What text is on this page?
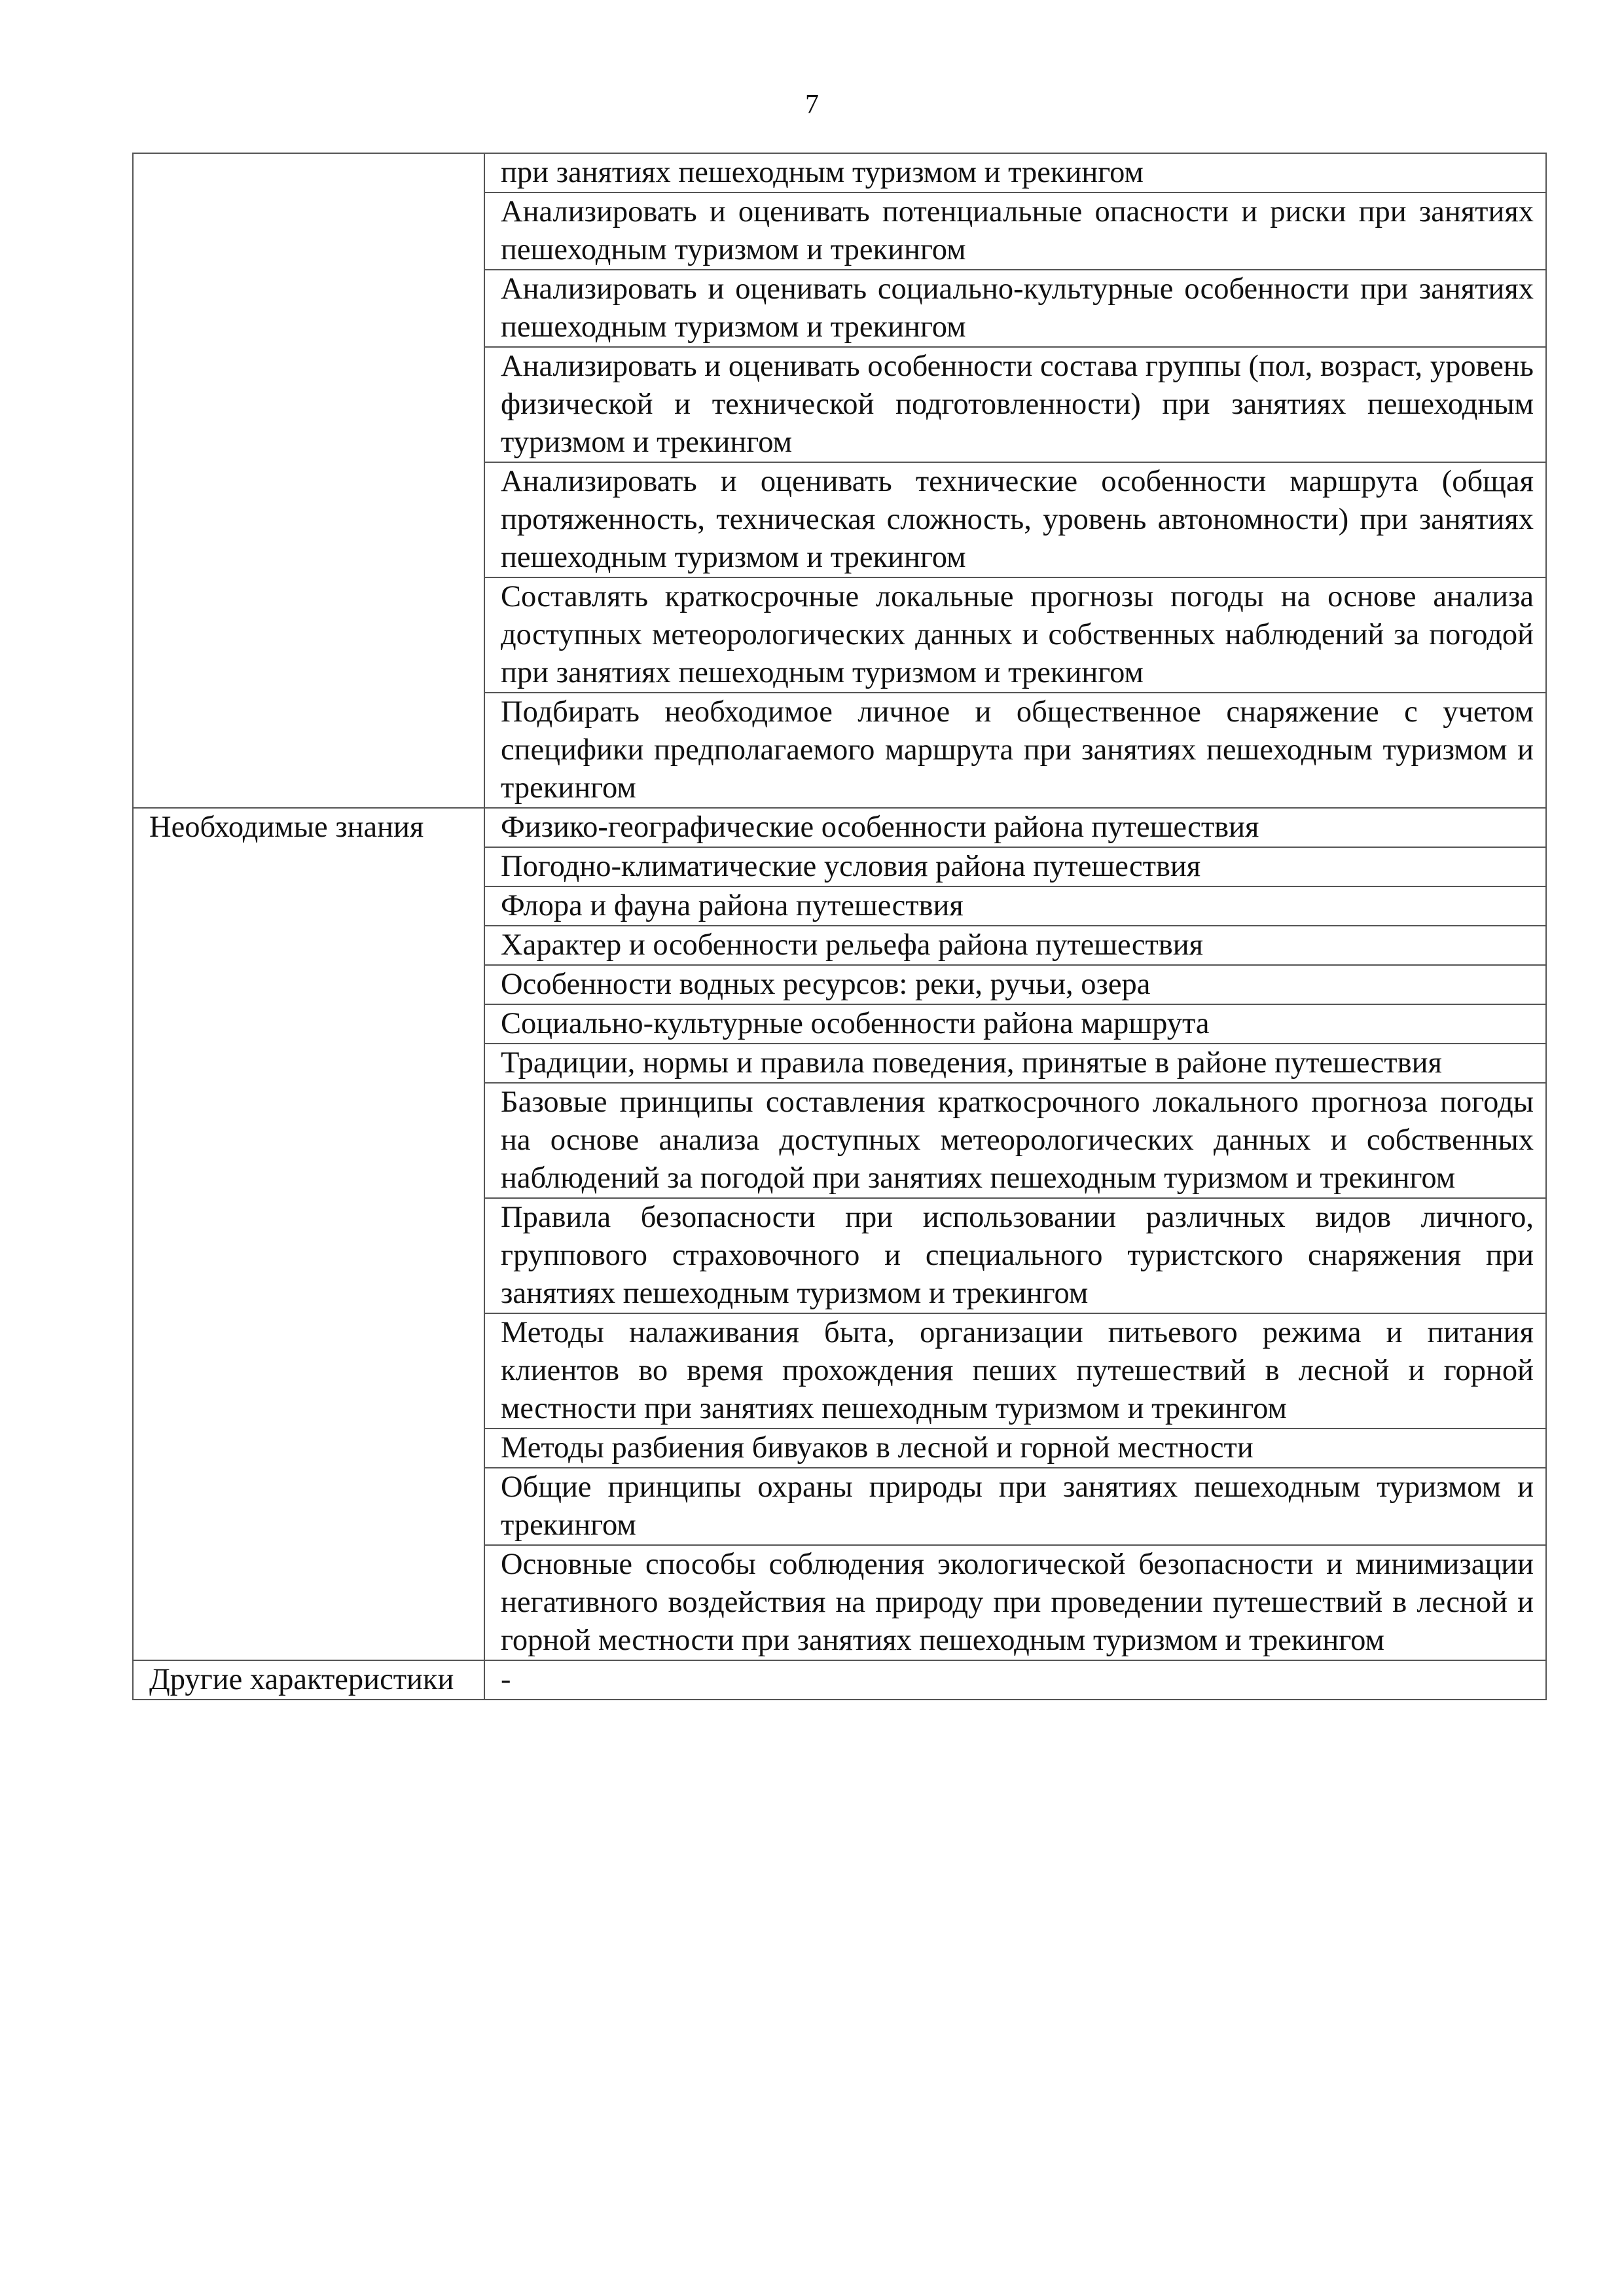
7
	при занятиях пешеходным туризмом и трекингом
	Анализировать и оценивать потенциальные опасности и риски при занятиях пешеходным туризмом и трекингом
	Анализировать и оценивать социально-культурные особенности при занятиях пешеходным туризмом и трекингом
	Анализировать и оценивать особенности состава группы (пол, возраст, уровень физической и технической подготовленности) при занятиях пешеходным туризмом и трекингом
	Анализировать и оценивать технические особенности маршрута (общая протяженность, техническая сложность, уровень автономности) при занятиях пешеходным туризмом и трекингом
	Составлять краткосрочные локальные прогнозы погоды на основе анализа доступных метеорологических данных и собственных наблюдений за погодой при занятиях пешеходным туризмом и трекингом
	Подбирать необходимое личное и общественное снаряжение с учетом специфики предполагаемого маршрута при занятиях пешеходным туризмом и трекингом
Необходимые знания	Физико-географические особенности района путешествия
	Погодно-климатические условия района путешествия
	Флора и фауна района путешествия
	Характер и особенности рельефа района путешествия
	Особенности водных ресурсов: реки, ручьи, озера
	Социально-культурные особенности района маршрута
	Традиции, нормы и правила поведения, принятые в районе путешествия
	Базовые принципы составления краткосрочного локального прогноза погоды на основе анализа доступных метеорологических данных и собственных наблюдений за погодой при занятиях пешеходным туризмом и трекингом
	Правила безопасности при использовании различных видов личного, группового страховочного и специального туристского снаряжения при занятиях пешеходным туризмом и трекингом
	Методы налаживания быта, организации питьевого режима и питания клиентов во время прохождения пеших путешествий в лесной и горной местности при занятиях пешеходным туризмом и трекингом
	Методы разбиения бивуаков в лесной и горной местности
	Общие принципы охраны природы при занятиях пешеходным туризмом и трекингом
	Основные способы соблюдения экологической безопасности и минимизации негативного воздействия на природу при проведении путешествий в лесной и горной местности при занятиях пешеходным туризмом и трекингом
Другие характеристики	-
